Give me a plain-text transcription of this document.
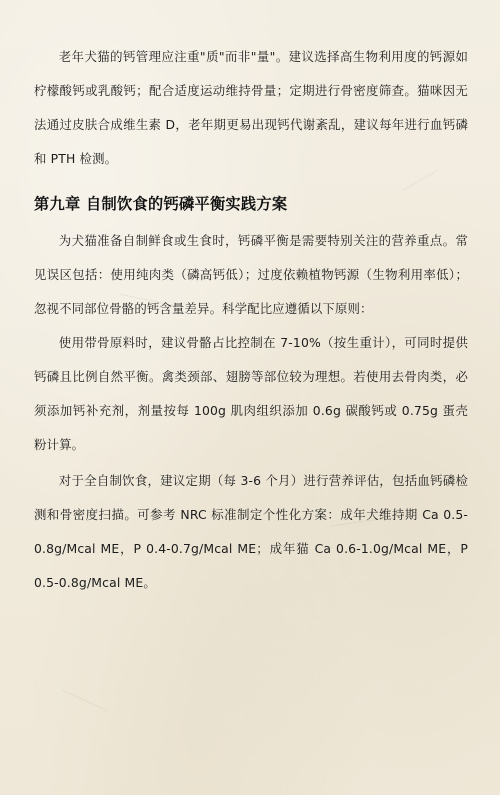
老年犬猫的钙管理应注重"质"而非"量"。建议选择高生物利用度的钙源如柠檬酸钙或乳酸钙；配合适度运动维持骨量；定期进行骨密度筛查。猫咪因无法通过皮肤合成维生素 D，老年期更易出现钙代谢紊乱，建议每年进行血钙磷和 PTH 检测。

第九章 自制饮食的钙磷平衡实践方案

为犬猫准备自制鲜食或生食时，钙磷平衡是需要特别关注的营养重点。常见误区包括：使用纯肉类（磷高钙低）；过度依赖植物钙源（生物利用率低）；忽视不同部位骨骼的钙含量差异。科学配比应遵循以下原则：

使用带骨原料时，建议骨骼占比控制在 7-10%（按生重计），可同时提供钙磷且比例自然平衡。禽类颈部、翅膀等部位较为理想。若使用去骨肉类，必须添加钙补充剂，剂量按每 100g 肌肉组织添加 0.6g 碳酸钙或 0.75g 蛋壳粉计算。

对于全自制饮食，建议定期（每 3-6 个月）进行营养评估，包括血钙磷检测和骨密度扫描。可参考 NRC 标准制定个性化方案：成年犬维持期 Ca 0.5-0.8g/Mcal ME，P 0.4-0.7g/Mcal ME；成年猫 Ca 0.6-1.0g/Mcal ME，P 0.5-0.8g/Mcal ME。
